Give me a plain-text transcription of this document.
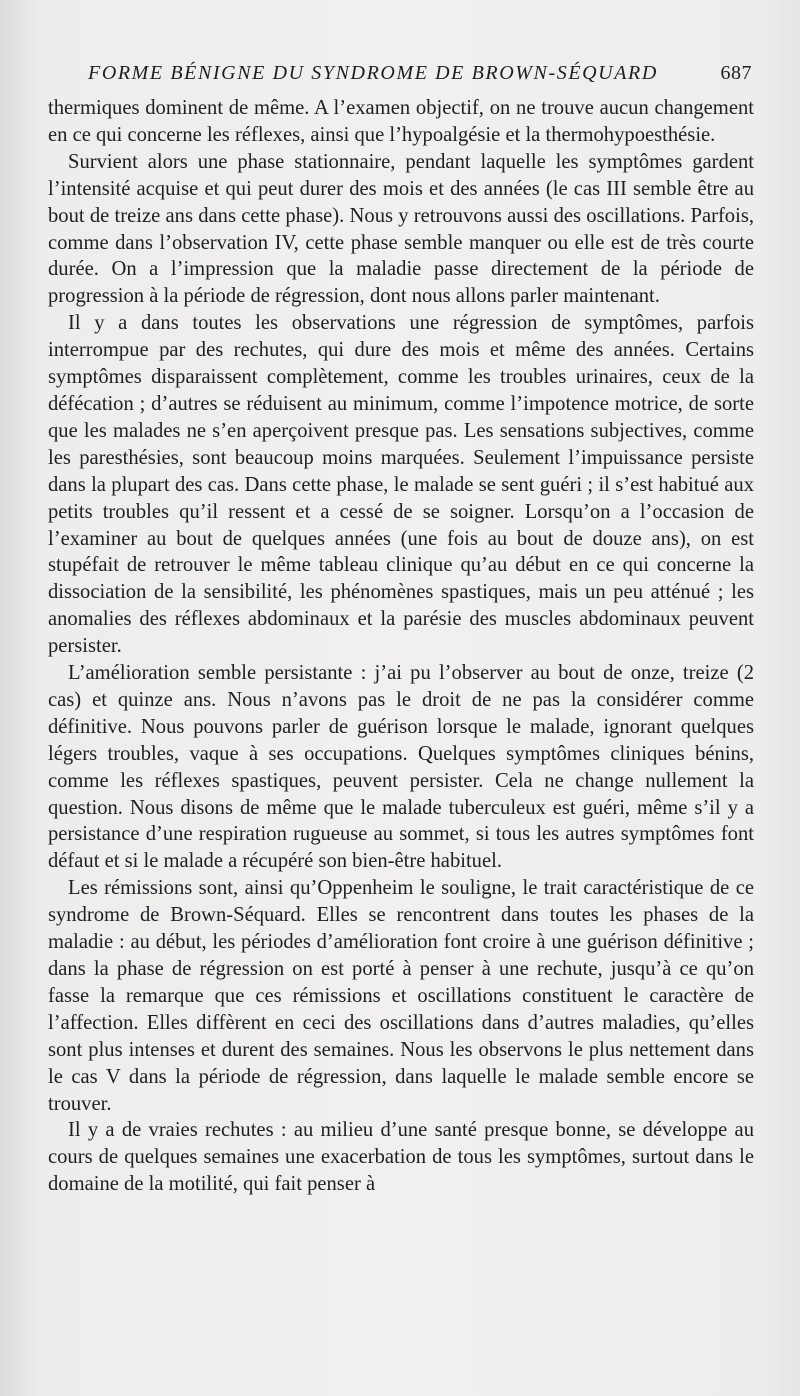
FORME BÉNIGNE DU SYNDROME DE BROWN-SÉQUARD	687

thermiques dominent de même. A l’examen objectif, on ne trouve aucun changement en ce qui concerne les réflexes, ainsi que l’hypoalgésie et la thermohypoesthésie.

Survient alors une phase stationnaire, pendant laquelle les symptômes gardent l’intensité acquise et qui peut durer des mois et des années (le cas III semble être au bout de treize ans dans cette phase). Nous y retrouvons aussi des oscillations. Parfois, comme dans l’observation IV, cette phase semble manquer ou elle est de très courte durée. On a l’impression que la maladie passe directement de la période de progression à la période de régression, dont nous allons parler maintenant.

Il y a dans toutes les observations une régression de symptômes, parfois interrompue par des rechutes, qui dure des mois et même des années. Certains symptômes disparaissent complètement, comme les troubles urinaires, ceux de la défécation ; d’autres se réduisent au minimum, comme l’impotence motrice, de sorte que les malades ne s’en aperçoivent presque pas. Les sensations subjectives, comme les paresthésies, sont beaucoup moins marquées. Seulement l’impuissance persiste dans la plupart des cas. Dans cette phase, le malade se sent guéri ; il s’est habitué aux petits troubles qu’il ressent et a cessé de se soigner. Lorsqu’on a l’occasion de l’examiner au bout de quelques années (une fois au bout de douze ans), on est stupéfait de retrouver le même tableau clinique qu’au début en ce qui concerne la dissociation de la sensibilité, les phénomènes spastiques, mais un peu atténué ; les anomalies des réflexes abdominaux et la parésie des muscles abdominaux peuvent persister.

L’amélioration semble persistante : j’ai pu l’observer au bout de onze, treize (2 cas) et quinze ans. Nous n’avons pas le droit de ne pas la considérer comme définitive. Nous pouvons parler de guérison lorsque le malade, ignorant quelques légers troubles, vaque à ses occupations. Quelques symptômes cliniques bénins, comme les réflexes spastiques, peuvent persister. Cela ne change nullement la question. Nous disons de même que le malade tuberculeux est guéri, même s’il y a persistance d’une respiration rugueuse au sommet, si tous les autres symptômes font défaut et si le malade a récupéré son bien-être habituel.

Les rémissions sont, ainsi qu’Oppenheim le souligne, le trait caractéristique de ce syndrome de Brown-Séquard. Elles se rencontrent dans toutes les phases de la maladie : au début, les périodes d’amélioration font croire à une guérison définitive ; dans la phase de régression on est porté à penser à une rechute, jusqu’à ce qu’on fasse la remarque que ces rémissions et oscillations constituent le caractère de l’affection. Elles diffèrent en ceci des oscillations dans d’autres maladies, qu’elles sont plus intenses et durent des semaines. Nous les observons le plus nettement dans le cas V dans la période de régression, dans laquelle le malade semble encore se trouver.

Il y a de vraies rechutes : au milieu d’une santé presque bonne, se développe au cours de quelques semaines une exacerbation de tous les symptômes, surtout dans le domaine de la motilité, qui fait penser à
